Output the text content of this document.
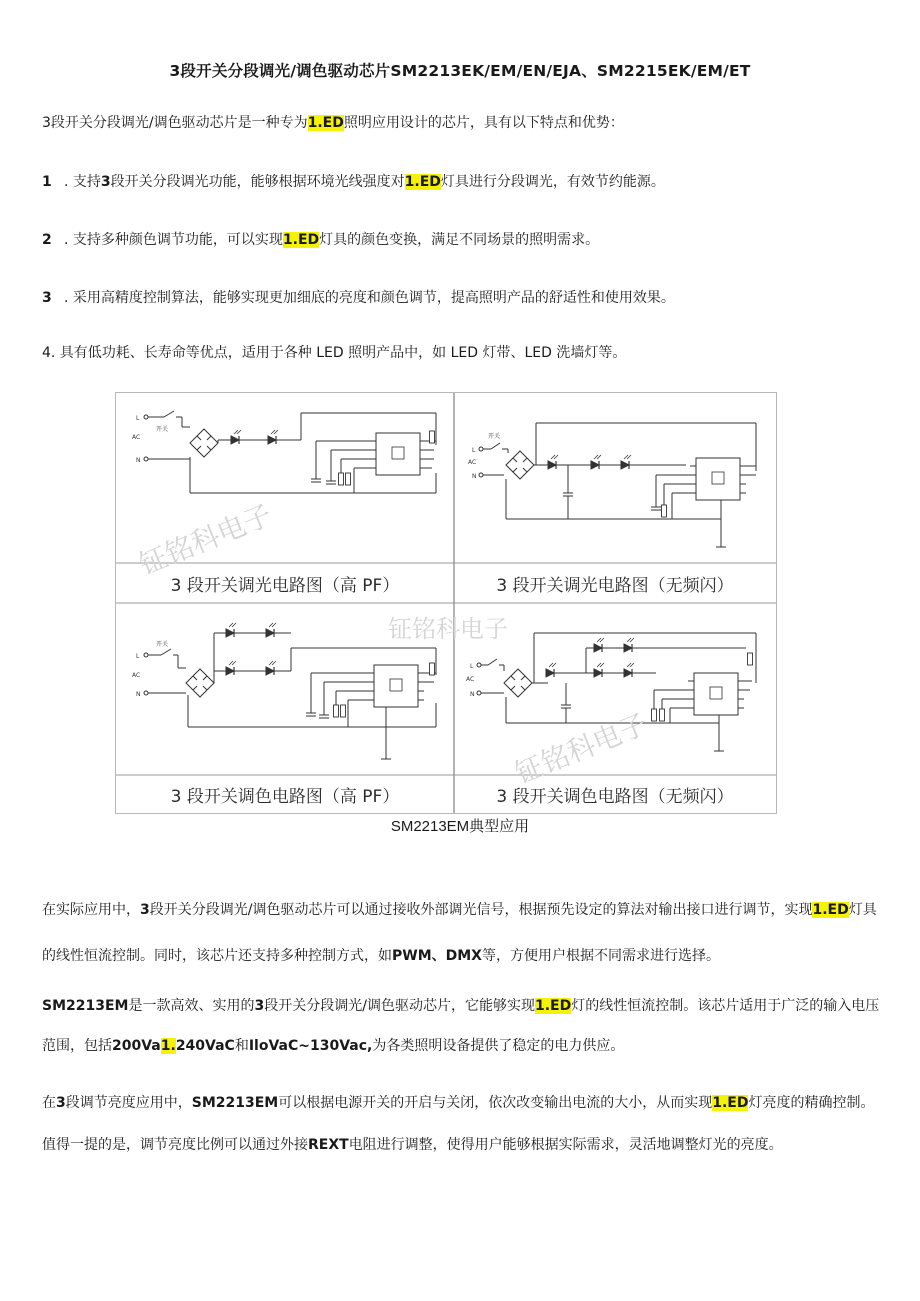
3段开关分段调光/调色驱动芯片SM2213EK/EM/EN/EJA、SM2215EK/EM/ET
3段开关分段调光/调色驱动芯片是一种专为1.ED照明应用设计的芯片，具有以下特点和优势：
1 . 支持3段开关分段调光功能，能够根据环境光线强度对1.ED灯具进行分段调光，有效节约能源。
2 . 支持多种颜色调节功能，可以实现1.ED灯具的颜色变换，满足不同场景的照明需求。
3 . 采用高精度控制算法，能够实现更加细底的亮度和颜色调节，提高照明产品的舒适性和使用效果。
4. 具有低功耗、长寿命等优点，适用于各种 LED 照明产品中，如 LED 灯带、LED 洗墙灯等。
L
AC
N
开关
L
AC
N
开关
L
AC
N
开关
L
AC
N
3 段开关调光电路图（高 PF）	3 段开关调光电路图（无频闪）
3 段开关调色电路图（高 PF）	3 段开关调色电路图（无频闪）
钲铭科电子
钲铭科电子
钲铭科电子
SM2213EM典型应用
在实际应用中，3段开关分段调光/调色驱动芯片可以通过接收外部调光信号，根据预先设定的算法对输出接口进行调节，实现1.ED灯具的线性恒流控制。同时，该芯片还支持多种控制方式，如PWM、DMX等，方便用户根据不同需求进行选择。
SM2213EM是一款高效、实用的3段开关分段调光/调色驱动芯片，它能够实现1.ED灯的线性恒流控制。该芯片适用于广泛的输入电压范围，包括200Va1.240VaC和IloVaC~130Vac,为各类照明设备提供了稳定的电力供应。
在3段调节亮度应用中，SM2213EM可以根据电源开关的开启与关闭，依次改变输出电流的大小，从而实现1.ED灯亮度的精确控制。值得一提的是，调节亮度比例可以通过外接REXT电阻进行调整，使得用户能够根据实际需求，灵活地调整灯光的亮度。
